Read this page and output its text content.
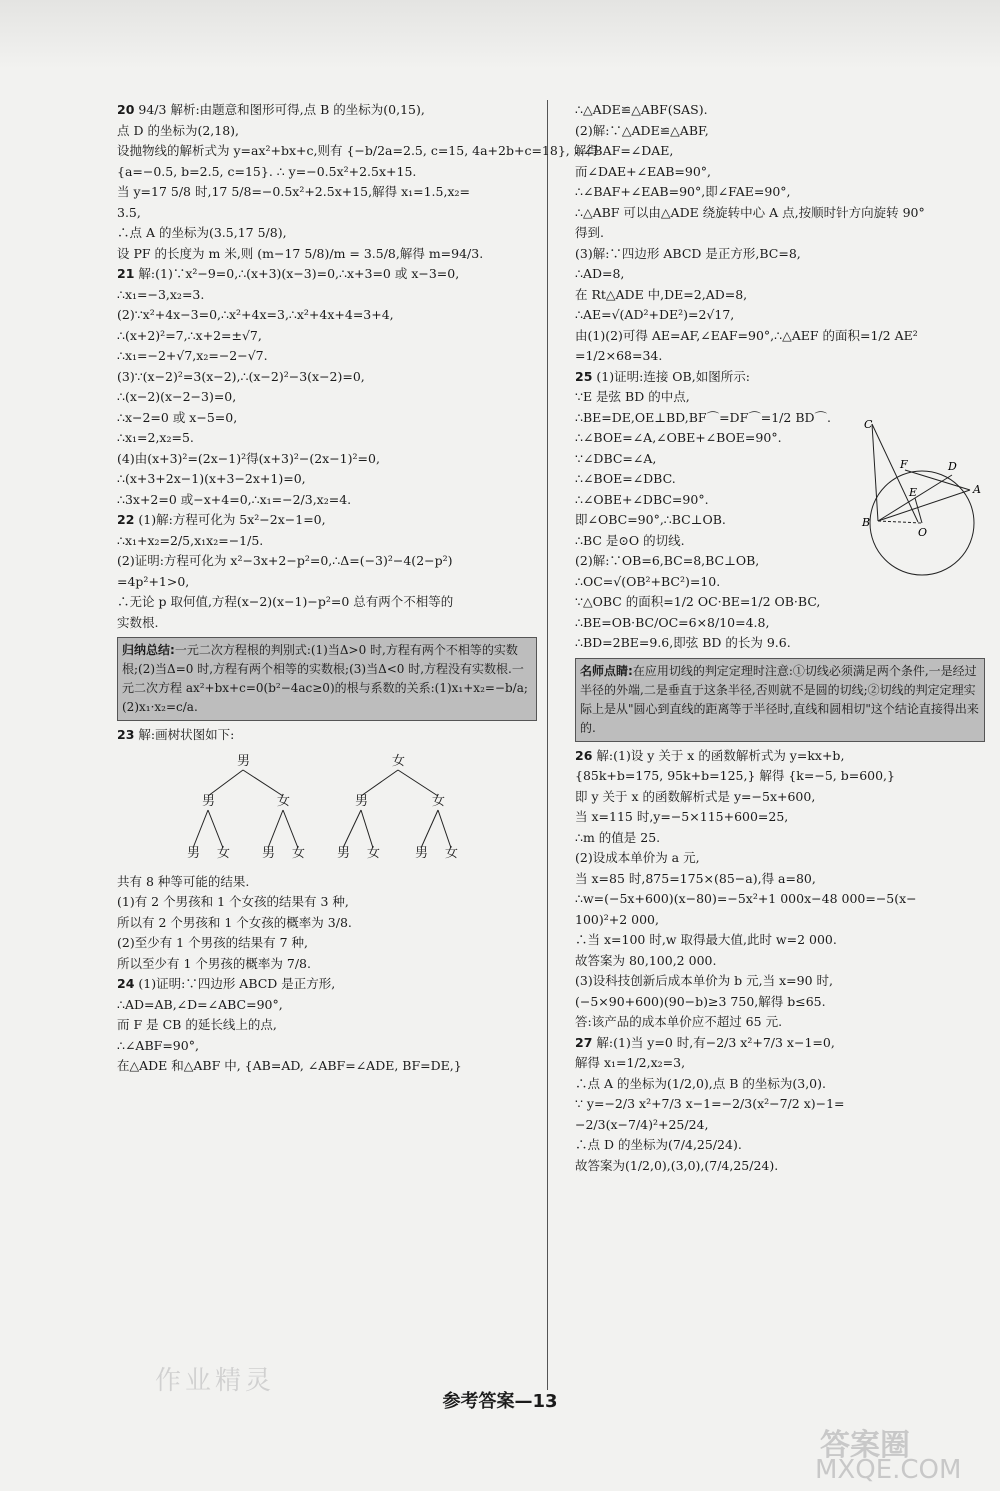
20 94/3 解析:由题意和图形可得,点 B 的坐标为(0,15),
点 D 的坐标为(2,18),
设抛物线的解析式为 y=ax²+bx+c,则有 {−b/2a=2.5, c=15, 4a+2b+c=18}, 解得
{a=−0.5, b=2.5, c=15}. ∴ y=−0.5x²+2.5x+15.
当 y=17 5/8 时,17 5/8=−0.5x²+2.5x+15,解得 x₁=1.5,x₂=
3.5,
∴点 A 的坐标为(3.5,17 5/8),
设 PF 的长度为 m 米,则 (m−17 5/8)/m = 3.5/8,解得 m=94/3.
21 解:(1)∵x²−9=0,∴(x+3)(x−3)=0,∴x+3=0 或 x−3=0,
∴x₁=−3,x₂=3.
(2)∵x²+4x−3=0,∴x²+4x=3,∴x²+4x+4=3+4,
∴(x+2)²=7,∴x+2=±√7,
∴x₁=−2+√7,x₂=−2−√7.
(3)∵(x−2)²=3(x−2),∴(x−2)²−3(x−2)=0,
∴(x−2)(x−2−3)=0,
∴x−2=0 或 x−5=0,
∴x₁=2,x₂=5.
(4)由(x+3)²=(2x−1)²得(x+3)²−(2x−1)²=0,
∴(x+3+2x−1)(x+3−2x+1)=0,
∴3x+2=0 或−x+4=0,∴x₁=−2/3,x₂=4.
22 (1)解:方程可化为 5x²−2x−1=0,
∴x₁+x₂=2/5,x₁x₂=−1/5.
(2)证明:方程可化为 x²−3x+2−p²=0,∴Δ=(−3)²−4(2−p²)
=4p²+1>0,
∴无论 p 取何值,方程(x−2)(x−1)−p²=0 总有两个不相等的
实数根.
归纳总结:一元二次方程根的判别式:(1)当Δ>0 时,方程有两个不相等的实数根;(2)当Δ=0 时,方程有两个相等的实数根;(3)当Δ<0 时,方程没有实数根.一元二次方程 ax²+bx+c=0(b²−4ac≥0)的根与系数的关系:(1)x₁+x₂=−b/a;(2)x₁·x₂=c/a.
23 解:画树状图如下:
男	女
男	女	男	女
男 女 男 女 男 女	男 女
共有 8 种等可能的结果.
(1)有 2 个男孩和 1 个女孩的结果有 3 种,
所以有 2 个男孩和 1 个女孩的概率为 3/8.
(2)至少有 1 个男孩的结果有 7 种,
所以至少有 1 个男孩的概率为 7/8.
24 (1)证明:∵四边形 ABCD 是正方形,
∴AD=AB,∠D=∠ABC=90°,
而 F 是 CB 的延长线上的点,
∴∠ABF=90°,
在△ADE 和△ABF 中, {AB=AD, ∠ABF=∠ADE, BF=DE,}
∴△ADE≌△ABF(SAS).
(2)解:∵△ADE≌△ABF,
∴∠BAF=∠DAE,
而∠DAE+∠EAB=90°,
∴∠BAF+∠EAB=90°,即∠FAE=90°,
∴△ABF 可以由△ADE 绕旋转中心 A 点,按顺时针方向旋转 90°
得到.
(3)解:∵四边形 ABCD 是正方形,BC=8,
∴AD=8,
在 Rt△ADE 中,DE=2,AD=8,
∴AE=√(AD²+DE²)=2√17,
由(1)(2)可得 AE=AF,∠EAF=90°,∴△AEF 的面积=1/2 AE²
=1/2×68=34.
25 (1)证明:连接 OB,如图所示:
∵E 是弦 BD 的中点,
∴BE=DE,OE⊥BD,BF⌒=DF⌒=1/2 BD⌒.
∴∠BOE=∠A,∠OBE+∠BOE=90°.
∵∠DBC=∠A,
∴∠BOE=∠DBC.
∴∠OBE+∠DBC=90°.
即∠OBC=90°,∴BC⊥OB.
∴BC 是⊙O 的切线.
(2)解:∵OB=6,BC=8,BC⊥OB,
∴OC=√(OB²+BC²)=10.
∵△OBC 的面积=1/2 OC·BE=1/2 OB·BC,
∴BE=OB·BC/OC=6×8/10=4.8,
∴BD=2BE=9.6,即弦 BD 的长为 9.6.
名师点睛:在应用切线的判定定理时注意:①切线必须满足两个条件,一是经过半径的外端,二是垂直于这条半径,否则就不是圆的切线;②切线的判定定理实际上是从"圆心到直线的距离等于半径时,直线和圆相切"这个结论直接得出来的.
26 解:(1)设 y 关于 x 的函数解析式为 y=kx+b,
{85k+b=175, 95k+b=125,} 解得 {k=−5, b=600,}
即 y 关于 x 的函数解析式是 y=−5x+600,
当 x=115 时,y=−5×115+600=25,
∴m 的值是 25.
(2)设成本单价为 a 元,
当 x=85 时,875=175×(85−a),得 a=80,
∴w=(−5x+600)(x−80)=−5x²+1 000x−48 000=−5(x−
100)²+2 000,
∴当 x=100 时,w 取得最大值,此时 w=2 000.
故答案为 80,100,2 000.
(3)设科技创新后成本单价为 b 元,当 x=90 时,
(−5×90+600)(90−b)≥3 750,解得 b≤65.
答:该产品的成本单价应不超过 65 元.
27 解:(1)当 y=0 时,有−2/3 x²+7/3 x−1=0,
解得 x₁=1/2,x₂=3,
∴点 A 的坐标为(1/2,0),点 B 的坐标为(3,0).
∵ y=−2/3 x²+7/3 x−1=−2/3(x²−7/2 x)−1=
−2/3(x−7/4)²+25/24,
∴点 D 的坐标为(7/4,25/24).
故答案为(1/2,0),(3,0),(7/4,25/24).
C
F	D
E	A
B
O
参考答案—13
作业精灵
答案圈
MXQE.COM
